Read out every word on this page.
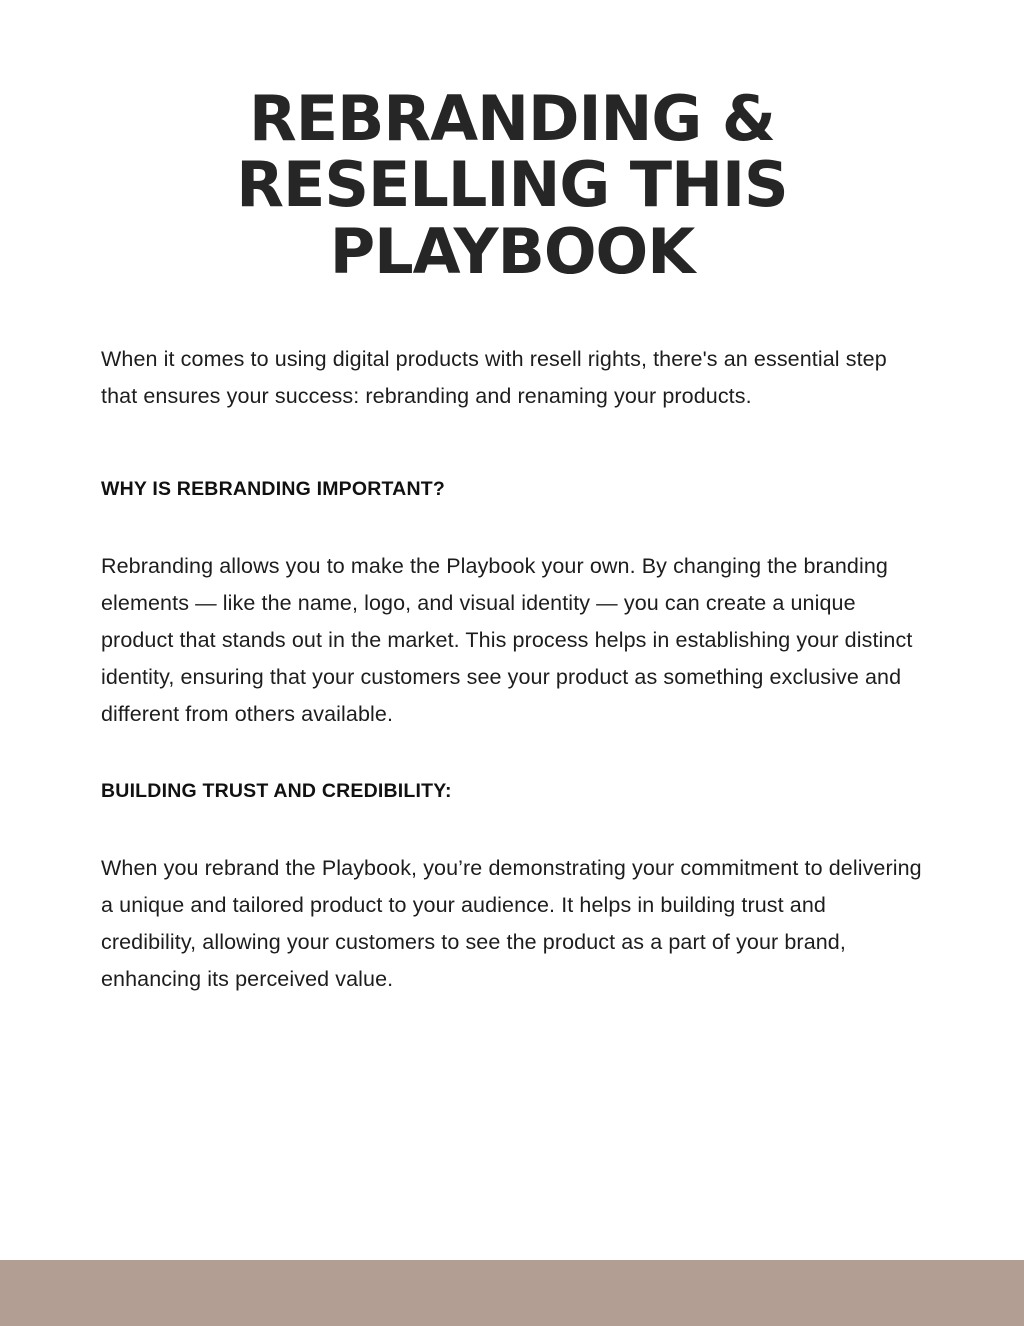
REBRANDING & RESELLING THIS PLAYBOOK

When it comes to using digital products with resell rights, there's an essential step that ensures your success: rebranding and renaming your products.

WHY IS REBRANDING IMPORTANT?

Rebranding allows you to make the Playbook your own. By changing the branding elements — like the name, logo, and visual identity — you can create a unique product that stands out in the market. This process helps in establishing your distinct identity, ensuring that your customers see your product as something exclusive and different from others available.

BUILDING TRUST AND CREDIBILITY:

When you rebrand the Playbook, you’re demonstrating your commitment to delivering a unique and tailored product to your audience. It helps in building trust and credibility, allowing your customers to see the product as a part of your brand, enhancing its perceived value.
